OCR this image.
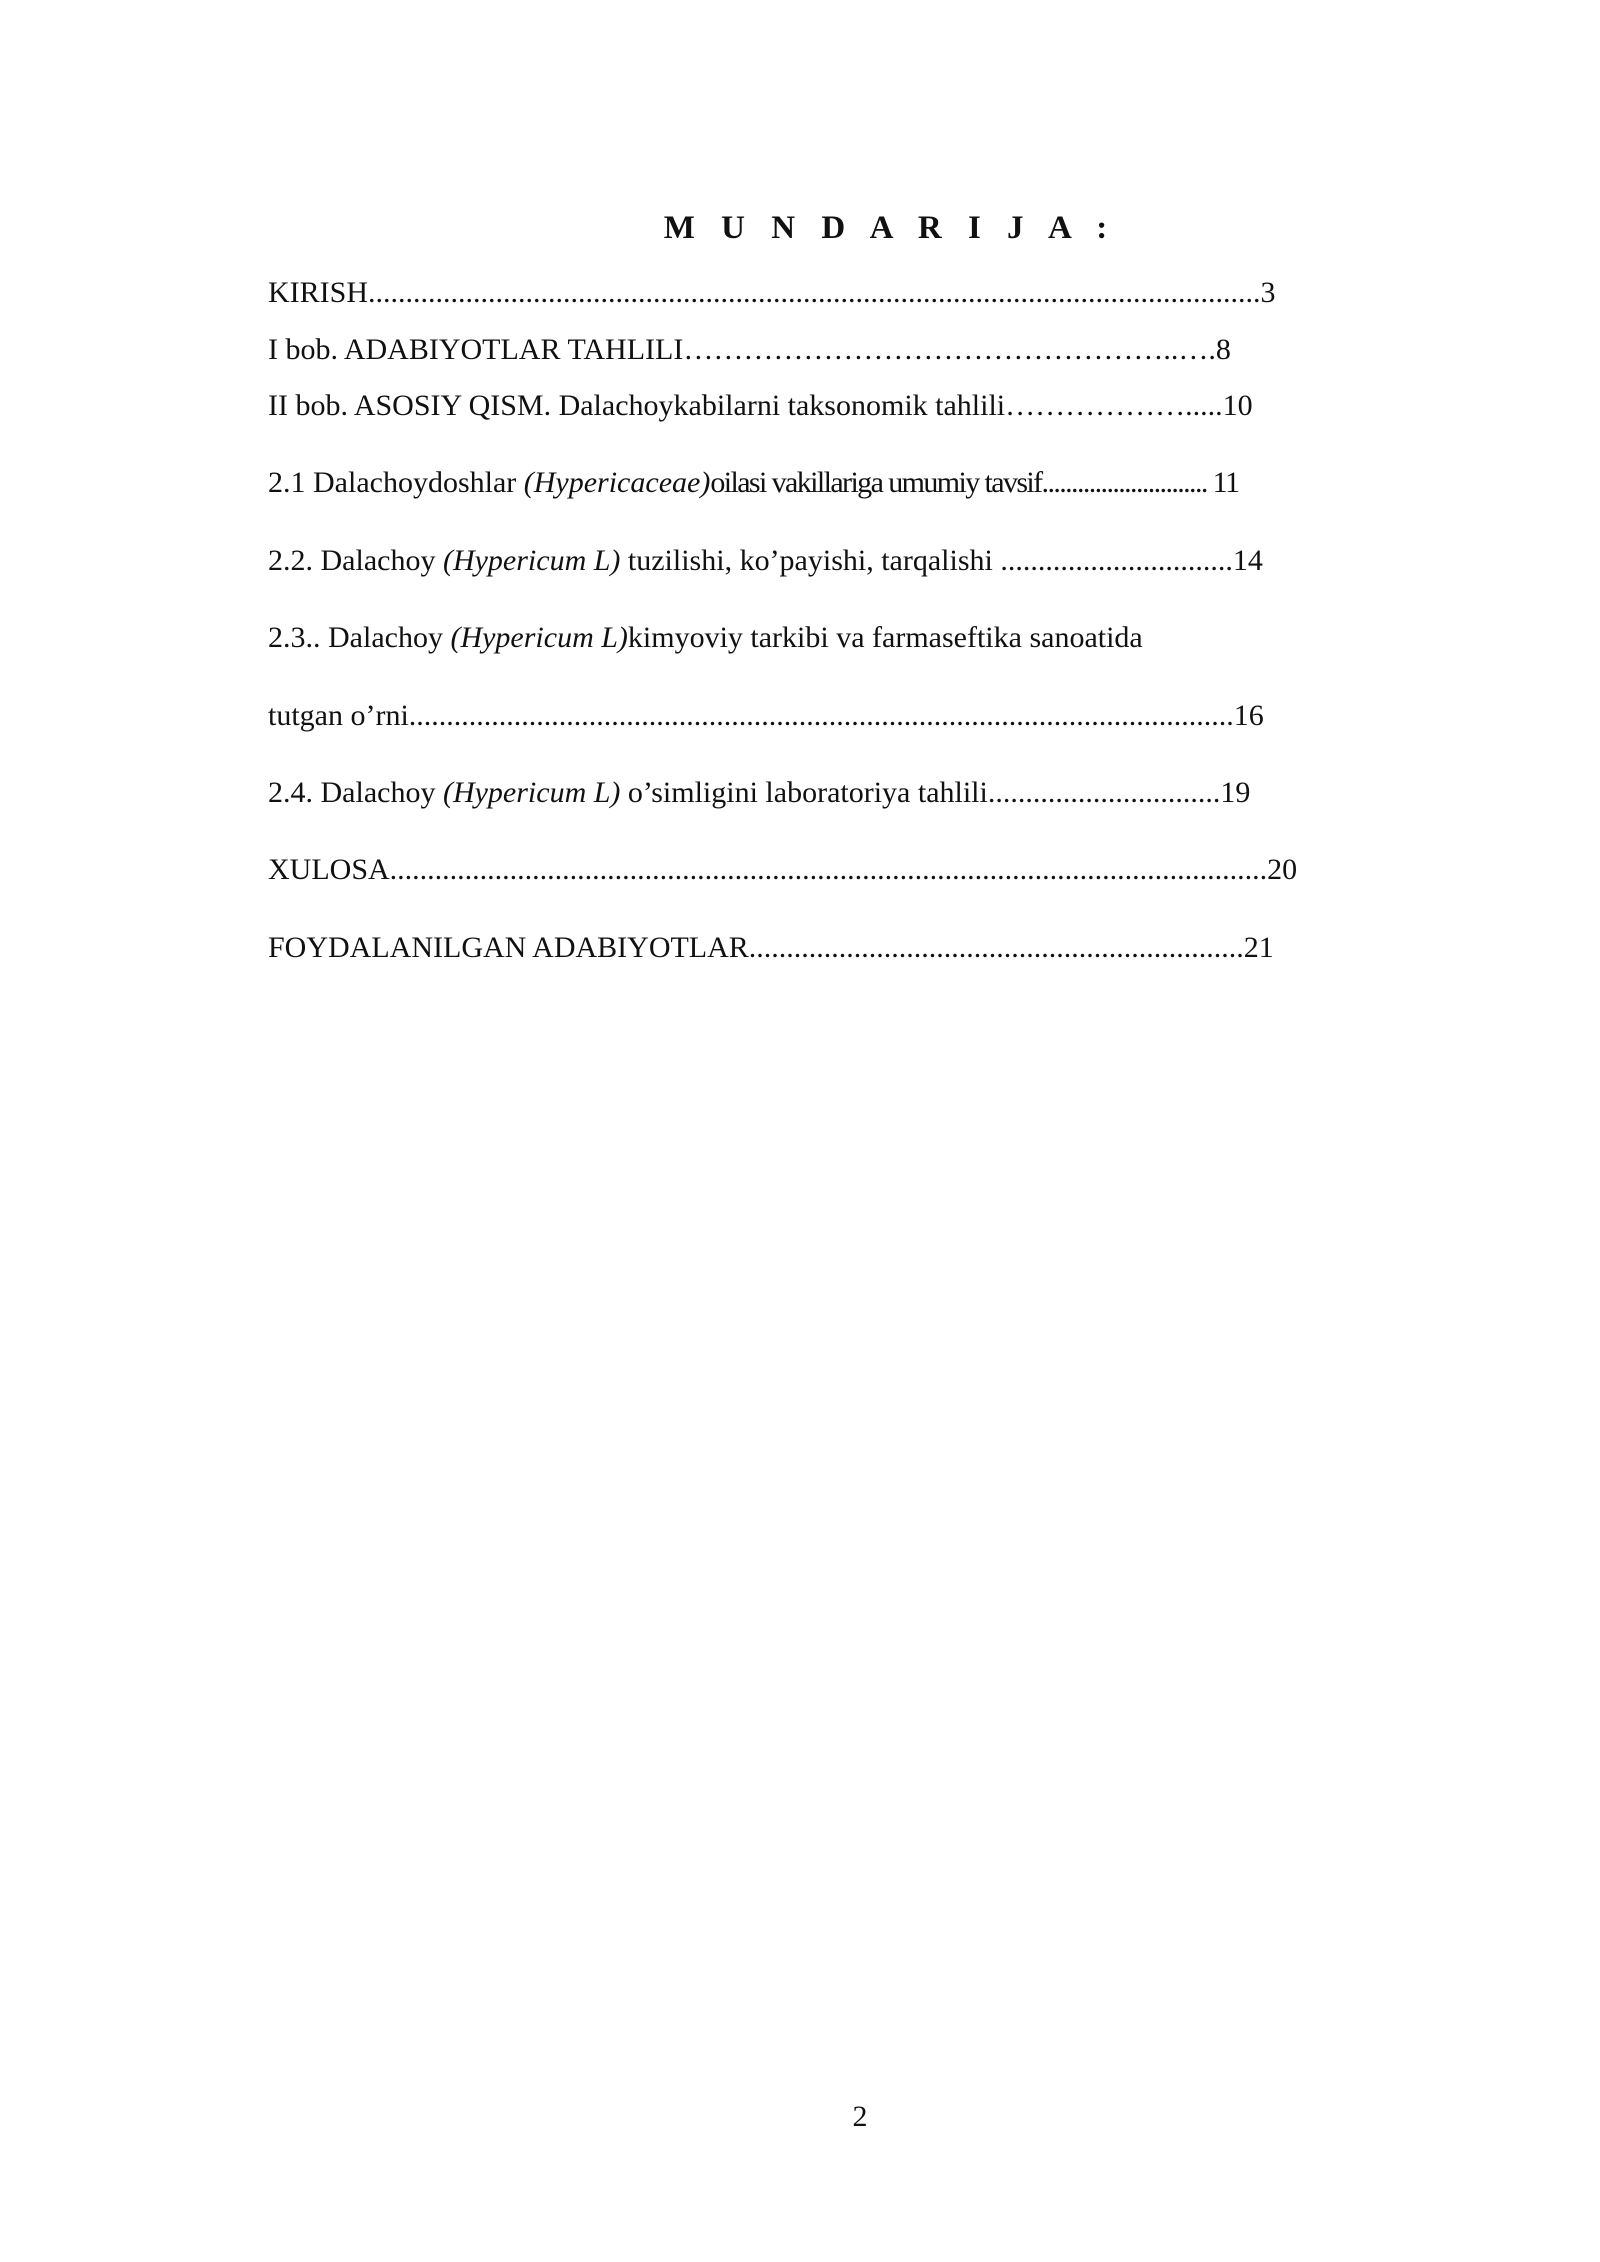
M U N D A R I J A :
KIRISH.......................................................................................................................3
I bob. ADABIYOTLAR TAHLILI…………………………………………..….8
II bob. ASOSIY QISM. Dalachoykabilarni taksonomik tahlili……………….....10
2.1 Dalachoydoshlar (Hypericaceae)oilasi vakillariga umumiy tavsif............................ 11
2.2. Dalachoy (Hypericum L) tuzilishi, ko’payishi, tarqalishi ...............................14
2.3.. Dalachoy (Hypericum L)kimyoviy tarkibi va farmaseftika sanoatida
tutgan o’rni..............................................................................................................16
2.4. Dalachoy (Hypericum L) o’simligini laboratoriya tahlili...............................19
XULOSA.....................................................................................................................20
FOYDALANILGAN ADABIYOTLAR..................................................................21
2
